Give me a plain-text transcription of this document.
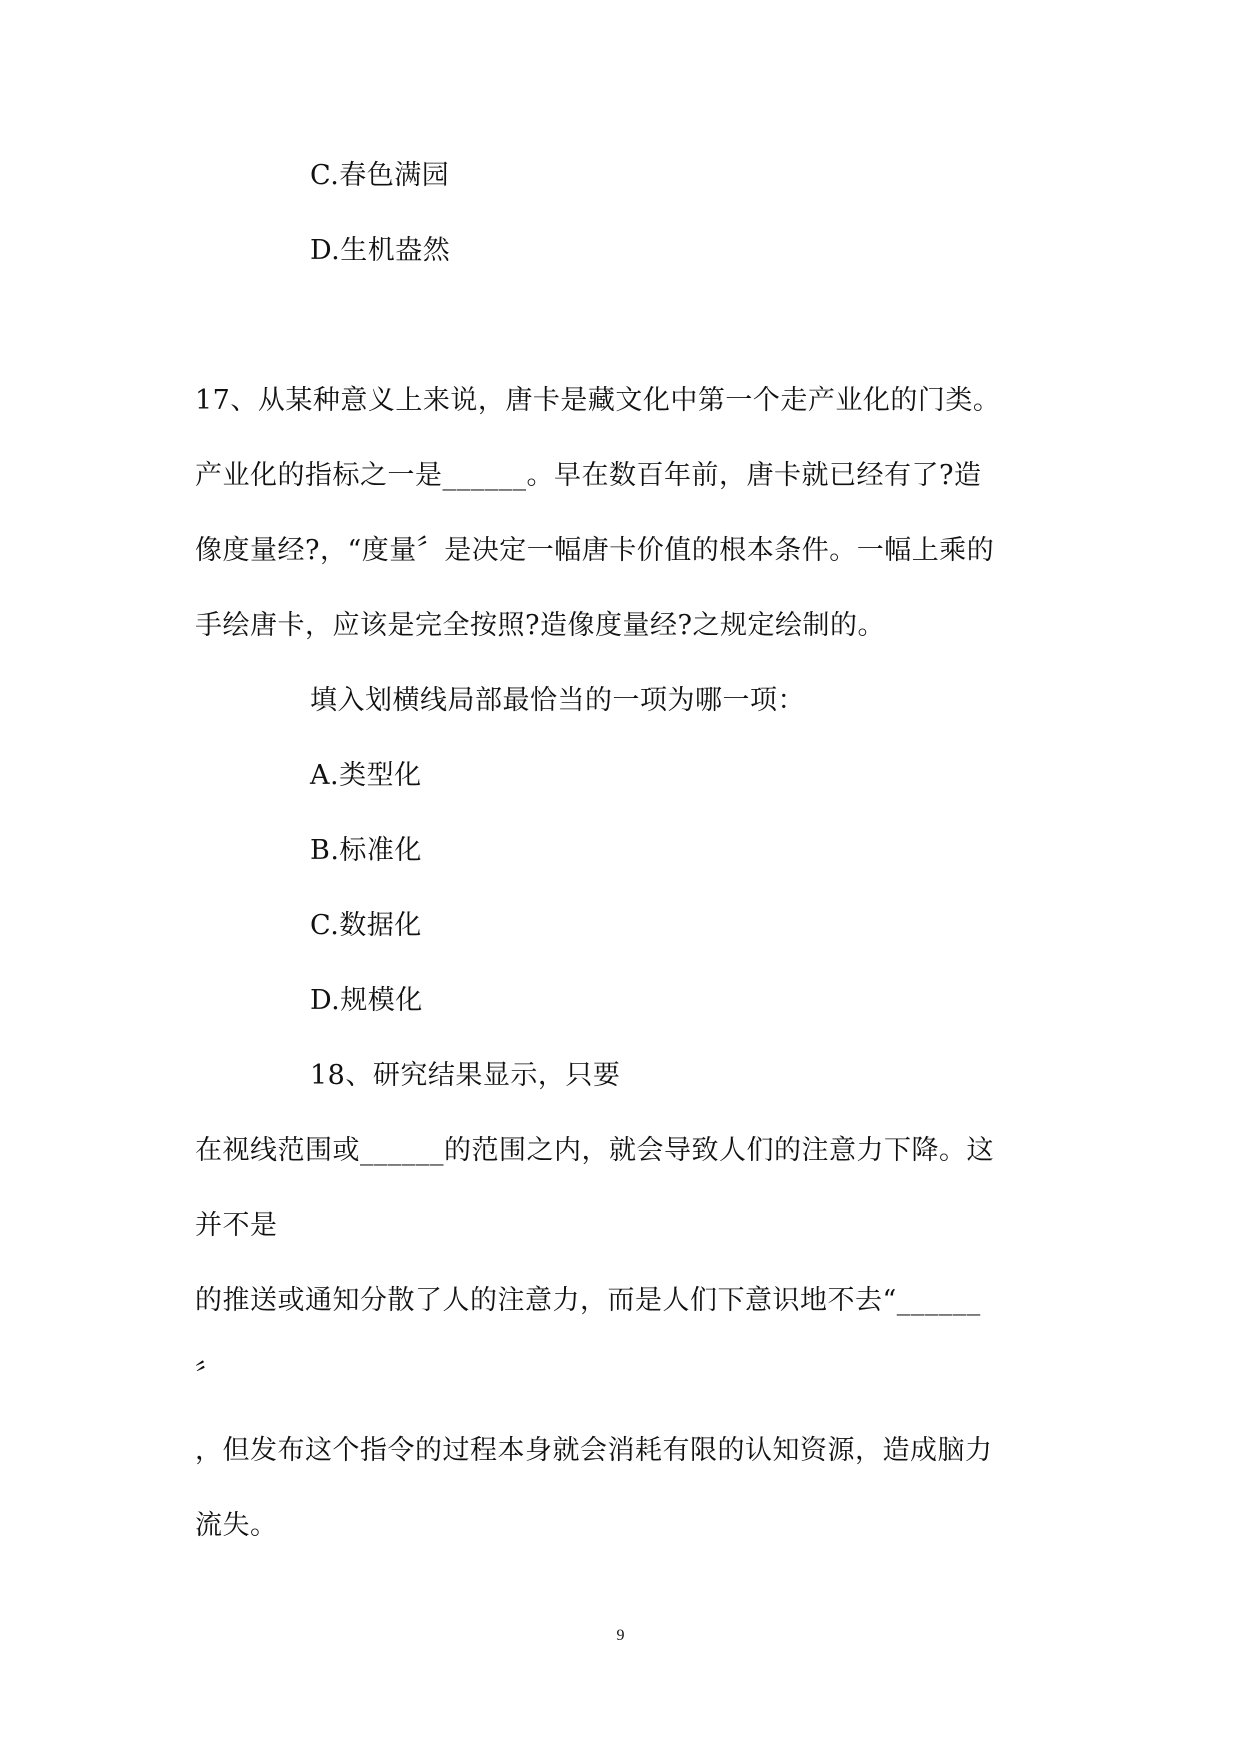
C.春色满园
D.生机盎然
17、从某种意义上来说，唐卡是藏文化中第一个走产业化的门类。
产业化的指标之一是______。早在数百年前，唐卡就已经有了?造
像度量经?，“度量〞是决定一幅唐卡价值的根本条件。一幅上乘的
手绘唐卡，应该是完全按照?造像度量经?之规定绘制的。
填入划横线局部最恰当的一项为哪一项：
A.类型化
B.标准化
C.数据化
D.规模化
18、研究结果显示，只要
在视线范围或______的范围之内，就会导致人们的注意力下降。这
并不是
的推送或通知分散了人的注意力，而是人们下意识地不去“______
〞
，但发布这个指令的过程本身就会消耗有限的认知资源，造成脑力
流失。
9
